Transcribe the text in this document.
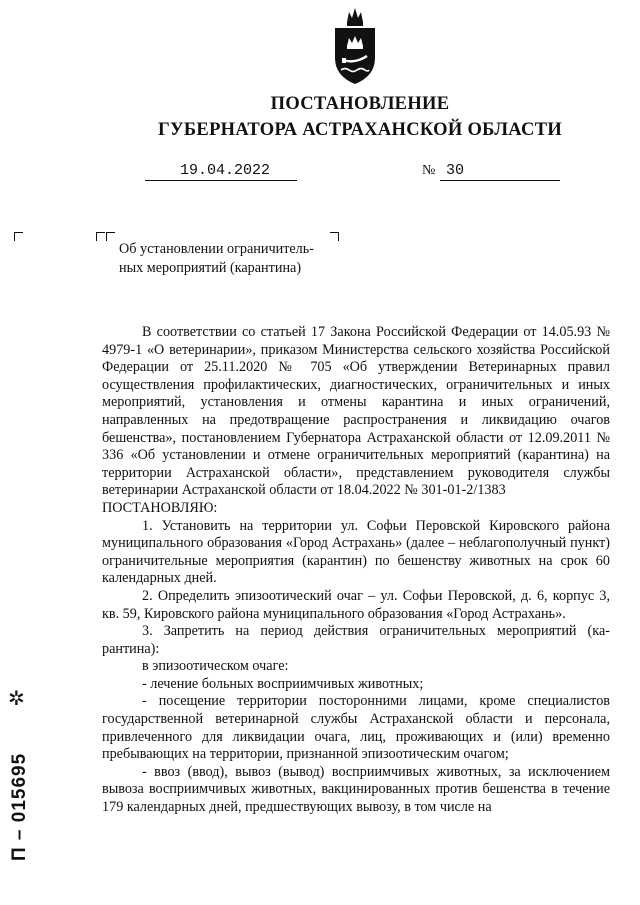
ПОСТАНОВЛЕНИЕ
ГУБЕРНАТОРА АСТРАХАНСКОЙ ОБЛАСТИ
19.04.2022	№ 30
Об установлении ограничитель-
ных мероприятий (карантина)

В соответствии со статьей 17 Закона Российской Федерации от 14.05.93 № 4979-1 «О ветеринарии», приказом Министерства сельского хозяйства Российской Федерации от 25.11.2020 № 705 «Об утверждении Ветеринарных правил осуществления профилактических, диагностических, ограничительных и иных мероприятий, установления и отмены карантина и иных ограничений, направленных на предотвращение распространения и ликвидацию очагов бешенства», постановлением Губернатора Астраханской области от 12.09.2011 № 336 «Об установлении и отмене ограничительных мероприятий (карантина) на территории Астраханской области», представлением руководителя службы ветеринарии Астраханской области от 18.04.2022 № 301-01-2/1383

ПОСТАНОВЛЯЮ:

1. Установить на территории ул. Софьи Перовской Кировского района муниципального образования «Город Астрахань» (далее – неблагополучный пункт) ограничительные мероприятия (карантин) по бешенству животных на срок 60 календарных дней.

2. Определить эпизоотический очаг – ул. Софьи Перовской, д. 6, корпус 3, кв. 59, Кировского района муниципального образования «Город Астрахань».

3. Запретить на период действия ограничительных мероприятий (карантина):

в эпизоотическом очаге:

- лечение больных восприимчивых животных;

- посещение территории посторонними лицами, кроме специалистов государственной ветеринарной службы Астраханской области и персонала, привлеченного для ликвидации очага, лиц, проживающих и (или) временно пребывающих на территории, признанной эпизоотическим очагом;

- ввоз (ввод), вывоз (вывод) восприимчивых животных, за исключением вывоза восприимчивых животных, вакцинированных против бешенства в течение 179 календарных дней, предшествующих вывозу, в том числе на

✲
П – 015695
